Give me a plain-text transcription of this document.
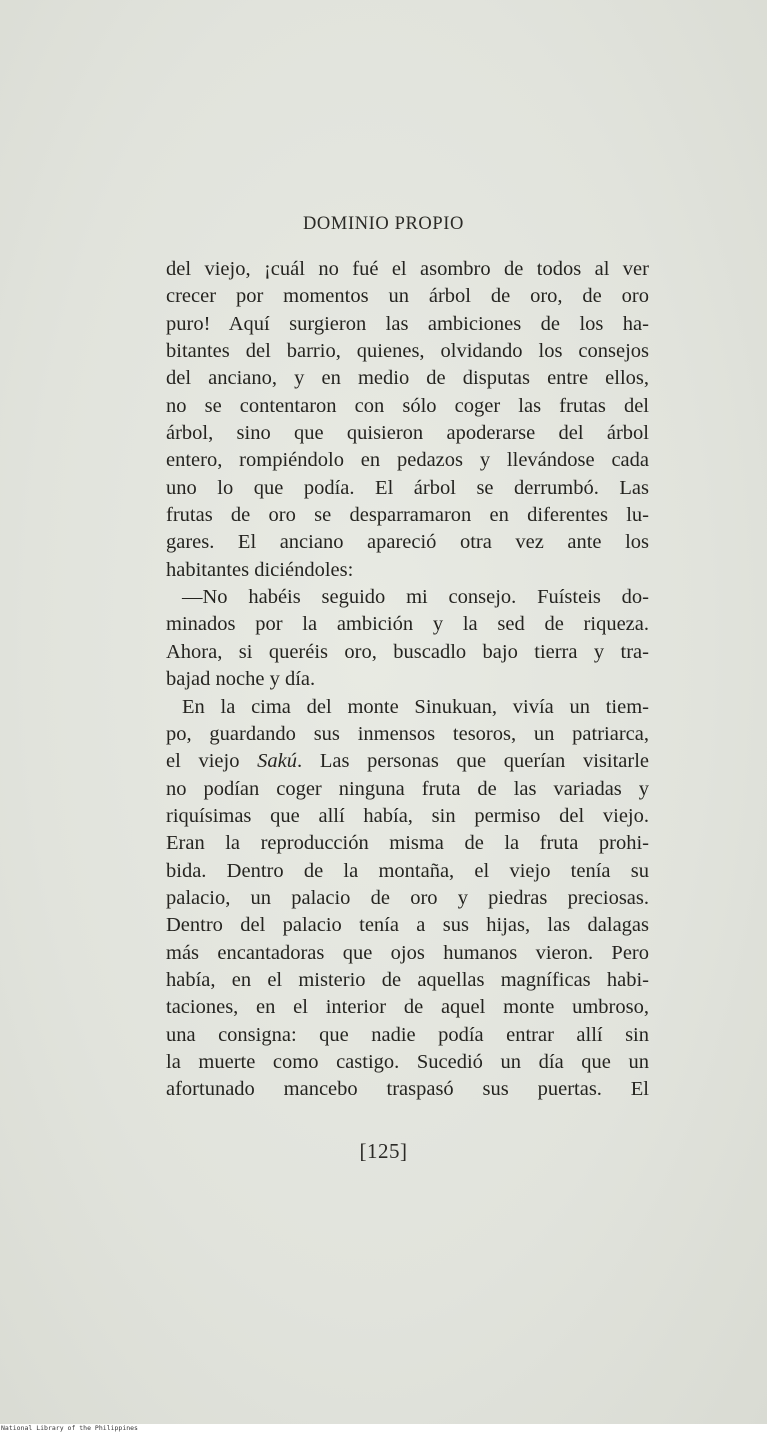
DOMINIO PROPIO
del viejo, ¡cuál no fué el asombro de todos al ver
crecer por momentos un árbol de oro, de oro
puro! Aquí surgieron las ambiciones de los ha-
bitantes del barrio, quienes, olvidando los consejos
del anciano, y en medio de disputas entre ellos,
no se contentaron con sólo coger las frutas del
árbol, sino que quisieron apoderarse del árbol
entero, rompiéndolo en pedazos y llevándose cada
uno lo que podía. El árbol se derrumbó. Las
frutas de oro se desparramaron en diferentes lu-
gares. El anciano apareció otra vez ante los
habitantes diciéndoles:
—No habéis seguido mi consejo. Fuísteis do-
minados por la ambición y la sed de riqueza.
Ahora, si queréis oro, buscadlo bajo tierra y tra-
bajad noche y día.
En la cima del monte Sinukuan, vivía un tiem-
po, guardando sus inmensos tesoros, un patriarca,
el viejo Sakú. Las personas que querían visitarle
no podían coger ninguna fruta de las variadas y
riquísimas que allí había, sin permiso del viejo.
Eran la reproducción misma de la fruta prohi-
bida. Dentro de la montaña, el viejo tenía su
palacio, un palacio de oro y piedras preciosas.
Dentro del palacio tenía a sus hijas, las dalagas
más encantadoras que ojos humanos vieron. Pero
había, en el misterio de aquellas magníficas habi-
taciones, en el interior de aquel monte umbroso,
una consigna: que nadie podía entrar allí sin
la muerte como castigo. Sucedió un día que un
afortunado mancebo traspasó sus puertas. El
[125]
National Library of the Philippines
